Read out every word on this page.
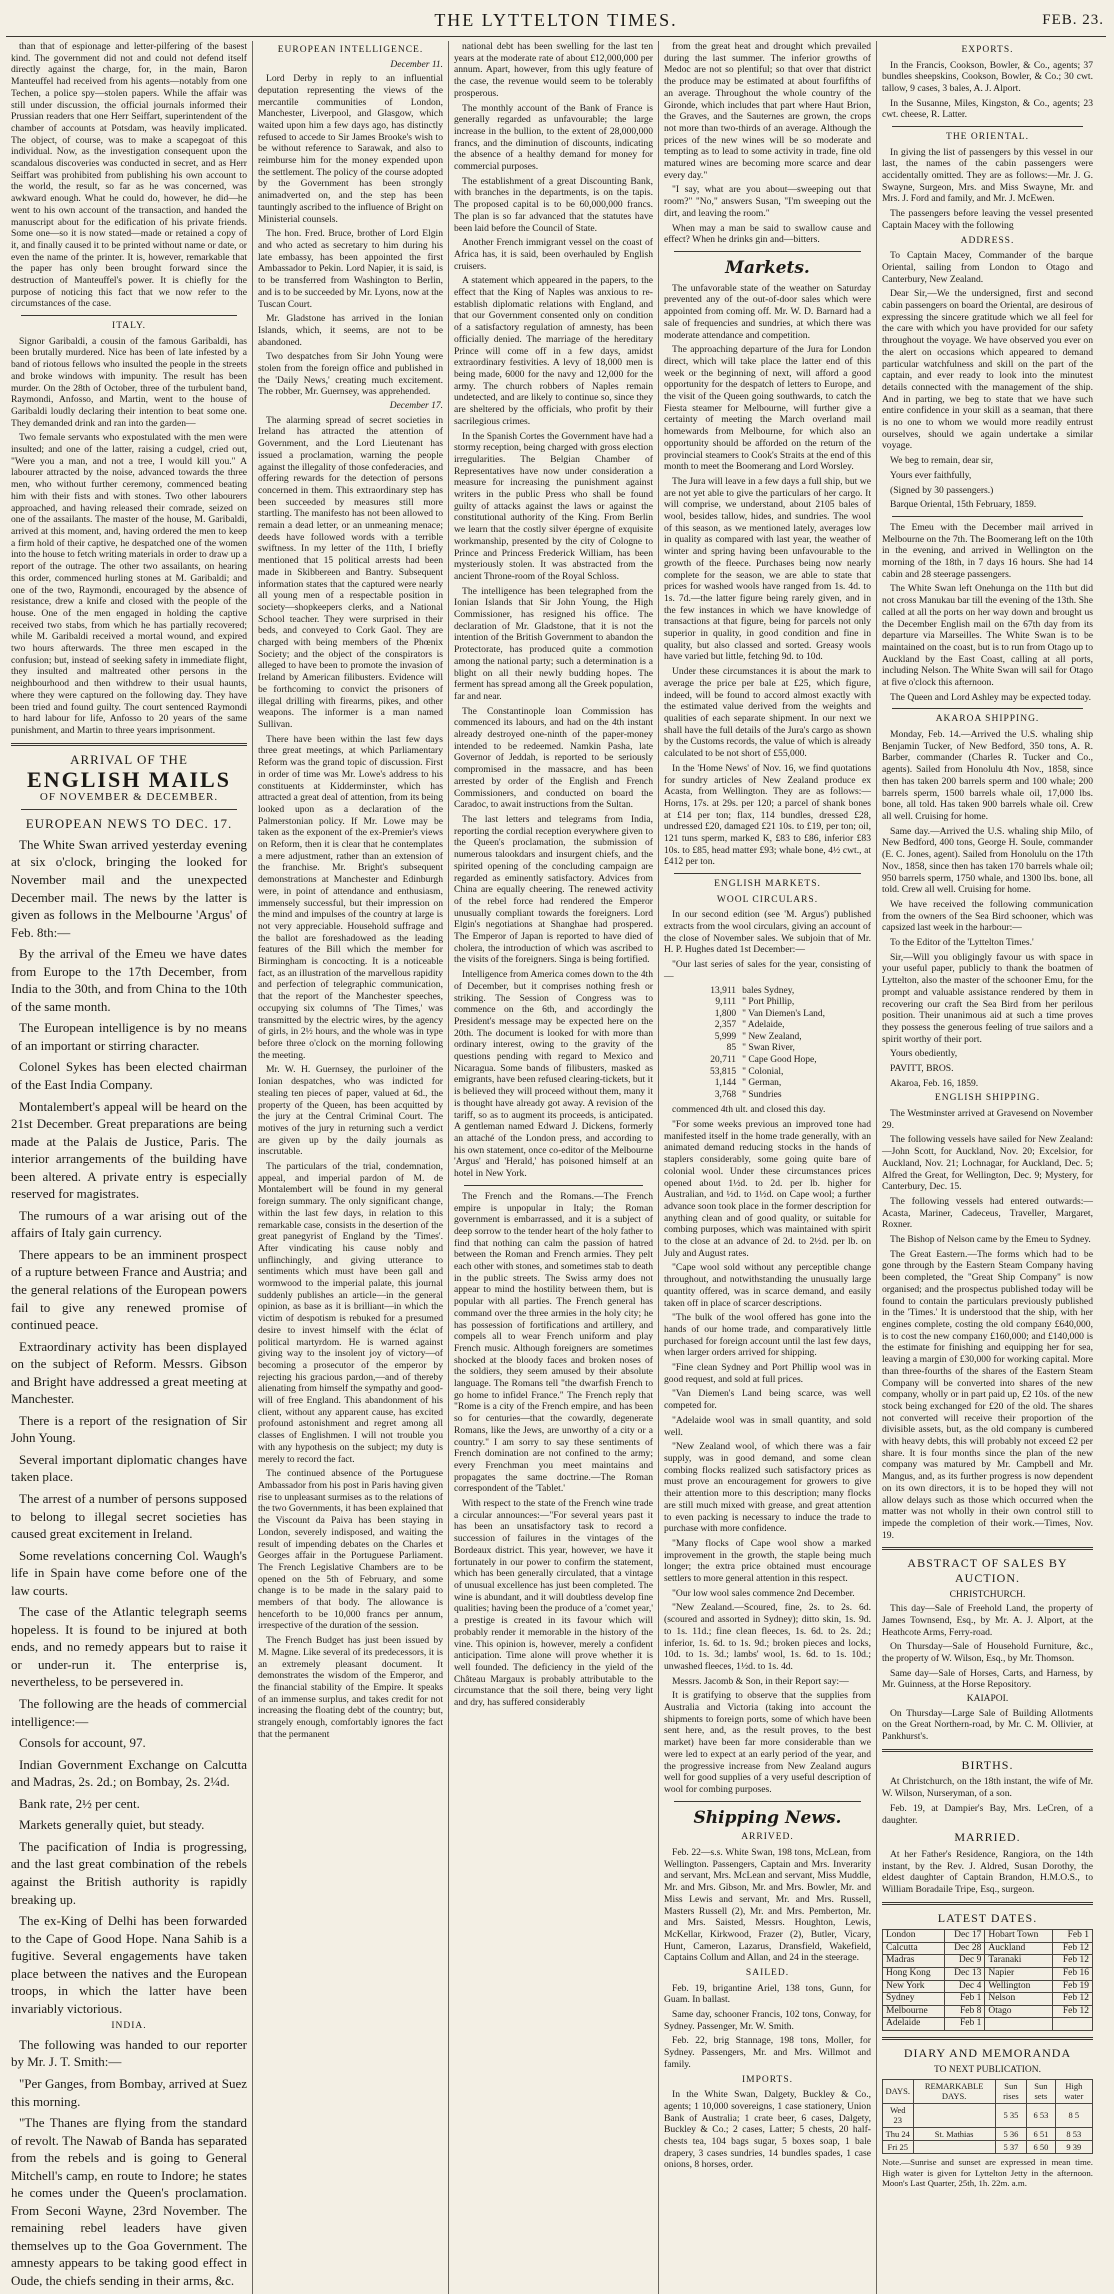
THE LYTTELTON TIMES.	FEB. 23.

than that of espionage and letter-pilfering of the basest kind. The government did not and could not defend itself directly against the charge, for, in the main, Baron Manteuffel had received from his agents—notably from one Techen, a police spy—stolen papers. While the affair was still under discussion, the official journals informed their Prussian readers that one Herr Seiffart, superintendent of the chamber of accounts at Potsdam, was heavily implicated. The object, of course, was to make a scapegoat of this individual. Now, as the investigation consequent upon the scandalous discoveries was conducted in secret, and as Herr Seiffart was prohibited from publishing his own account to the world, the result, so far as he was concerned, was awkward enough. What he could do, however, he did—he went to his own account of the transaction, and handed the manuscript about for the edification of his private friends. Some one—so it is now stated—made or retained a copy of it, and finally caused it to be printed without name or date, or even the name of the printer. It is, however, remarkable that the paper has only been brought forward since the destruction of Manteuffel's power. It is chiefly for the purpose of noticing this fact that we now refer to the circumstances of the case.

ITALY.

Signor Garibaldi, a cousin of the famous Garibaldi, has been brutally murdered. Nice has been of late infested by a band of riotous fellows who insulted the people in the streets and broke windows with impunity. The result has been murder. On the 28th of October, three of the turbulent band, Raymondi, Anfosso, and Martin, went to the house of Garibaldi loudly declaring their intention to beat some one. They demanded drink and ran into the garden—

Two female servants who expostulated with the men were insulted; and one of the latter, raising a cudgel, cried out, "Were you a man, and not a tree, I would kill you." A labourer attracted by the noise, advanced towards the three men, who without further ceremony, commenced beating him with their fists and with stones. Two other labourers approached, and having released their comrade, seized on one of the assailants. The master of the house, M. Garibaldi, arrived at this moment, and, having ordered the men to keep a firm hold of their captive, he despatched one of the women into the house to fetch writing materials in order to draw up a report of the outrage. The other two assailants, on hearing this order, commenced hurling stones at M. Garibaldi; and one of the two, Raymondi, encouraged by the absence of resistance, drew a knife and closed with the people of the house. One of the men engaged in holding the captive received two stabs, from which he has partially recovered; while M. Garibaldi received a mortal wound, and expired two hours afterwards. The three men escaped in the confusion; but, instead of seeking safety in immediate flight, they insulted and maltreated other persons in the neighbourhood and then withdrew to their usual haunts, where they were captured on the following day. They have been tried and found guilty. The court sentenced Raymondi to hard labour for life, Anfosso to 20 years of the same punishment, and Martin to three years imprisonment.

ARRIVAL OF THE
ENGLISH MAILS
OF NOVEMBER & DECEMBER.
EUROPEAN NEWS TO DEC. 17.

The White Swan arrived yesterday evening at six o'clock, bringing the looked for November mail and the unexpected December mail. The news by the latter is given as follows in the Melbourne 'Argus' of Feb. 8th:—

By the arrival of the Emeu we have dates from Europe to the 17th December, from India to the 30th, and from China to the 10th of the same month.

The European intelligence is by no means of an important or stirring character.

Colonel Sykes has been elected chairman of the East India Company.

Montalembert's appeal will be heard on the 21st December. Great preparations are being made at the Palais de Justice, Paris. The interior arrangements of the building have been altered. A private entry is especially reserved for magistrates.

The rumours of a war arising out of the affairs of Italy gain currency.

There appears to be an imminent prospect of a rupture between France and Austria; and the general relations of the European powers fail to give any renewed promise of continued peace.

Extraordinary activity has been displayed on the subject of Reform. Messrs. Gibson and Bright have addressed a great meeting at Manchester.

There is a report of the resignation of Sir John Young.

Several important diplomatic changes have taken place.

The arrest of a number of persons supposed to belong to illegal secret societies has caused great excitement in Ireland.

Some revelations concerning Col. Waugh's life in Spain have come before one of the law courts.

The case of the Atlantic telegraph seems hopeless. It is found to be injured at both ends, and no remedy appears but to raise it or under-run it. The enterprise is, nevertheless, to be persevered in.

The following are the heads of commercial intelligence:—

Consols for account, 97.

Indian Government Exchange on Calcutta and Madras, 2s. 2d.; on Bombay, 2s. 2¼d.

Bank rate, 2½ per cent.

Markets generally quiet, but steady.

The pacification of India is progressing, and the last great combination of the rebels against the British authority is rapidly breaking up.

The ex-King of Delhi has been forwarded to the Cape of Good Hope. Nana Sahib is a fugitive. Several engagements have taken place between the natives and the European troops, in which the latter have been invariably victorious.

INDIA.

The following was handed to our reporter by Mr. J. T. Smith:—

"Per Ganges, from Bombay, arrived at Suez this morning.

"The Thanes are flying from the standard of revolt. The Nawab of Banda has separated from the rebels and is going to General Mitchell's camp, en route to Indore; he states he comes under the Queen's proclamation. From Seconi Wayne, 23rd November. The remaining rebel leaders have given themselves up to the Goa Government. The amnesty appears to be taking good effect in Oude, the chiefs sending in their arms, &c.

EUROPEAN INTELLIGENCE.
December 11.

Lord Derby in reply to an influential deputation representing the views of the mercantile communities of London, Manchester, Liverpool, and Glasgow, which waited upon him a few days ago, has distinctly refused to accede to Sir James Brooke's wish to be without reference to Sarawak, and also to reimburse him for the money expended upon the settlement. The policy of the course adopted by the Government has been strongly animadverted on, and the step has been tauntingly ascribed to the influence of Bright on Ministerial counsels.

The hon. Fred. Bruce, brother of Lord Elgin and who acted as secretary to him during his late embassy, has been appointed the first Ambassador to Pekin. Lord Napier, it is said, is to be transferred from Washington to Berlin, and is to be succeeded by Mr. Lyons, now at the Tuscan Court.

Mr. Gladstone has arrived in the Ionian Islands, which, it seems, are not to be abandoned.

Two despatches from Sir John Young were stolen from the foreign office and published in the 'Daily News,' creating much excitement. The robber, Mr. Guernsey, was apprehended.

December 17.

The alarming spread of secret societies in Ireland has attracted the attention of Government, and the Lord Lieutenant has issued a proclamation, warning the people against the illegality of those confederacies, and offering rewards for the detection of persons concerned in them. This extraordinary step has been succeeded by measures still more startling. The manifesto has not been allowed to remain a dead letter, or an unmeaning menace; deeds have followed words with a terrible swiftness. In my letter of the 11th, I briefly mentioned that 15 political arrests had been made in Skibbereen and Bantry. Subsequent information states that the captured were nearly all young men of a respectable position in society—shopkeepers clerks, and a National School teacher. They were surprised in their beds, and conveyed to Cork Gaol. They are charged with being members of the Phœnix Society; and the object of the conspirators is alleged to have been to promote the invasion of Ireland by American filibusters. Evidence will be forthcoming to convict the prisoners of illegal drilling with firearms, pikes, and other weapons. The informer is a man named Sullivan.

There have been within the last few days three great meetings, at which Parliamentary Reform was the grand topic of discussion. First in order of time was Mr. Lowe's address to his constituents at Kidderminster, which has attracted a great deal of attention, from its being looked upon as a declaration of the Palmerstonian policy. If Mr. Lowe may be taken as the exponent of the ex-Premier's views on Reform, then it is clear that he contemplates a mere adjustment, rather than an extension of the franchise. Mr. Bright's subsequent demonstrations at Manchester and Edinburgh were, in point of attendance and enthusiasm, immensely successful, but their impression on the mind and impulses of the country at large is not very appreciable. Household suffrage and the ballot are foreshadowed as the leading features of the Bill which the member for Birmingham is concocting. It is a noticeable fact, as an illustration of the marvellous rapidity and perfection of telegraphic communication, that the report of the Manchester speeches, occupying six columns of 'The Times,' was transmitted by the electric wires, by the agency of girls, in 2½ hours, and the whole was in type before three o'clock on the morning following the meeting.

Mr. W. H. Guernsey, the purloiner of the Ionian despatches, who was indicted for stealing ten pieces of paper, valued at 6d., the property of the Queen, has been acquitted by the jury at the Central Criminal Court. The motives of the jury in returning such a verdict are given up by the daily journals as inscrutable.

The particulars of the trial, condemnation, appeal, and imperial pardon of M. de Montalembert will be found in my general foreign summary. The only significant change, within the last few days, in relation to this remarkable case, consists in the desertion of the great panegyrist of England by the 'Times'. After vindicating his cause nobly and unflinchingly, and giving utterance to sentiments which must have been gall and wormwood to the imperial palate, this journal suddenly publishes an article—in the general opinion, as base as it is brilliant—in which the victim of despotism is rebuked for a presumed desire to invest himself with the éclat of political martyrdom. He is warned against giving way to the insolent joy of victory—of becoming a prosecutor of the emperor by rejecting his gracious pardon,—and of thereby alienating from himself the sympathy and good-will of free England. This abandonment of his client, without any apparent cause, has excited profound astonishment and regret among all classes of Englishmen. I will not trouble you with any hypothesis on the subject; my duty is merely to record the fact.

The continued absence of the Portuguese Ambassador from his post in Paris having given rise to unpleasant surmises as to the relations of the two Governments, it has been explained that the Viscount da Paiva has been staying in London, severely indisposed, and waiting the result of impending debates on the Charles et Georges affair in the Portuguese Parliament. The French Legislative Chambers are to be opened on the 5th of February, and some change is to be made in the salary paid to members of that body. The allowance is henceforth to be 10,000 francs per annum, irrespective of the duration of the session.

The French Budget has just been issued by M. Magne. Like several of its predecessors, it is an extremely pleasant document. It demonstrates the wisdom of the Emperor, and the financial stability of the Empire. It speaks of an immense surplus, and takes credit for not increasing the floating debt of the country; but, strangely enough, comfortably ignores the fact that the permanent

national debt has been swelling for the last ten years at the moderate rate of about £12,000,000 per annum. Apart, however, from this ugly feature of the case, the revenue would seem to be tolerably prosperous.

The monthly account of the Bank of France is generally regarded as unfavourable; the large increase in the bullion, to the extent of 28,000,000 francs, and the diminution of discounts, indicating the absence of a healthy demand for money for commercial purposes.

The establishment of a great Discounting Bank, with branches in the departments, is on the tapis. The proposed capital is to be 60,000,000 francs. The plan is so far advanced that the statutes have been laid before the Council of State.

Another French immigrant vessel on the coast of Africa has, it is said, been overhauled by English cruisers.

A statement which appeared in the papers, to the effect that the King of Naples was anxious to re-establish diplomatic relations with England, and that our Government consented only on condition of a satisfactory regulation of amnesty, has been officially denied. The marriage of the hereditary Prince will come off in a few days, amidst extraordinary festivities. A levy of 18,000 men is being made, 6000 for the navy and 12,000 for the army. The church robbers of Naples remain undetected, and are likely to continue so, since they are sheltered by the officials, who profit by their sacrilegious crimes.

In the Spanish Cortes the Government have had a stormy reception, being charged with gross election irregularities. The Belgian Chamber of Representatives have now under consideration a measure for increasing the punishment against writers in the public Press who shall be found guilty of attacks against the laws or against the constitutional authority of the King. From Berlin we learn that the costly silver épergne of exquisite workmanship, presented by the city of Cologne to Prince and Princess Frederick William, has been mysteriously stolen. It was abstracted from the ancient Throne-room of the Royal Schloss.

The intelligence has been telegraphed from the Ionian Islands that Sir John Young, the High Commissioner, has resigned his office. The declaration of Mr. Gladstone, that it is not the intention of the British Government to abandon the Protectorate, has produced quite a commotion among the national party; such a determination is a blight on all their newly budding hopes. The ferment has spread among all the Greek population, far and near.

The Constantinople loan Commission has commenced its labours, and had on the 4th instant already destroyed one-ninth of the paper-money intended to be redeemed. Namkin Pasha, late Governor of Jeddah, is reported to be seriously compromised in the massacre, and has been arrested by order of the English and French Commissioners, and conducted on board the Caradoc, to await instructions from the Sultan.

The last letters and telegrams from India, reporting the cordial reception everywhere given to the Queen's proclamation, the submission of numerous talookdars and insurgent chiefs, and the spirited opening of the concluding campaign are regarded as eminently satisfactory. Advices from China are equally cheering. The renewed activity of the rebel force had rendered the Emperor unusually compliant towards the foreigners. Lord Elgin's negotiations at Shanghae had prospered. The Emperor of Japan is reported to have died of cholera, the introduction of which was ascribed to the visits of the foreigners. Singa is being fortified.

Intelligence from America comes down to the 4th of December, but it comprises nothing fresh or striking. The Session of Congress was to commence on the 6th, and accordingly the President's message may be expected here on the 20th. The document is looked for with more than ordinary interest, owing to the gravity of the questions pending with regard to Mexico and Nicaragua. Some bands of filibusters, masked as emigrants, have been refused clearing-tickets, but it is believed they will proceed without them, many it is thought have already got away. A revision of the tariff, so as to augment its proceeds, is anticipated. A gentleman named Edward J. Dickens, formerly an attaché of the London press, and according to his own statement, once co-editor of the Melbourne 'Argus' and 'Herald,' has poisoned himself at an hotel in New York.

The French and the Romans.—The French empire is unpopular in Italy; the Roman government is embarrassed, and it is a subject of deep sorrow to the tender heart of the holy father to find that nothing can calm the passion of hatred between the Roman and French armies. They pelt each other with stones, and sometimes stab to death in the public streets. The Swiss army does not appear to mind the hostility between them, but is popular with all parties. The French general has command over the three armies in the holy city; he has possession of fortifications and artillery, and compels all to wear French uniform and play French music. Although foreigners are sometimes shocked at the bloody faces and broken noses of the soldiers, they seem amused by their absolute language. The Romans tell "the dwarfish French to go home to infidel France." The French reply that "Rome is a city of the French empire, and has been so for centuries—that the cowardly, degenerate Romans, like the Jews, are unworthy of a city or a country." I am sorry to say these sentiments of French domination are not confined to the army; every Frenchman you meet maintains and propagates the same doctrine.—The Roman correspondent of the 'Tablet.'

With respect to the state of the French wine trade a circular announces:—"For several years past it has been an unsatisfactory task to record a succession of failures in the vintages of the Bordeaux district. This year, however, we have it fortunately in our power to confirm the statement, which has been generally circulated, that a vintage of unusual excellence has just been completed. The wine is abundant, and it will doubtless develop fine qualities; having been the produce of a 'comet year,' a prestige is created in its favour which will probably render it memorable in the history of the vine. This opinion is, however, merely a confident anticipation. Time alone will prove whether it is well founded. The deficiency in the yield of the Château Margaux is probably attributable to the circumstance that the soil there, being very light and dry, has suffered considerably

from the great heat and drought which prevailed during the last summer. The inferior growths of Medoc are not so plentiful; so that over that district the produce may be estimated at about fourfifths of an average. Throughout the whole country of the Gironde, which includes that part where Haut Brion, the Graves, and the Sauternes are grown, the crops not more than two-thirds of an average. Although the prices of the new wines will be so moderate and tempting as to lead to some activity in trade, fine old matured wines are becoming more scarce and dear every day."

"I say, what are you about—sweeping out that room?" "No," answers Susan, "I'm sweeping out the dirt, and leaving the room."

When may a man be said to swallow cause and effect? When he drinks gin and—bitters.

Markets.

The unfavorable state of the weather on Saturday prevented any of the out-of-door sales which were appointed from coming off. Mr. W. D. Barnard had a sale of frequencies and sundries, at which there was moderate attendance and competition.

The approaching departure of the Jura for London direct, which will take place the latter end of this week or the beginning of next, will afford a good opportunity for the despatch of letters to Europe, and the visit of the Queen going southwards, to catch the Fiesta steamer for Melbourne, will further give a certainty of meeting the March overland mail homewards from Melbourne, for which also an opportunity should be afforded on the return of the provincial steamers to Cook's Straits at the end of this month to meet the Boomerang and Lord Worsley.

The Jura will leave in a few days a full ship, but we are not yet able to give the particulars of her cargo. It will comprise, we understand, about 2105 bales of wool, besides tallow, hides, and sundries. The wool of this season, as we mentioned lately, averages low in quality as compared with last year, the weather of winter and spring having been unfavourable to the growth of the fleece. Purchases being now nearly complete for the season, we are able to state that prices for washed wools have ranged from 1s. 4d. to 1s. 7d.—the latter figure being rarely given, and in the few instances in which we have knowledge of transactions at that figure, being for parcels not only superior in quality, in good condition and fine in quality, but also classed and sorted. Greasy wools have varied but little, fetching 9d. to 10d.

Under these circumstances it is about the mark to average the price per bale at £25, which figure, indeed, will be found to accord almost exactly with the estimated value derived from the weights and qualities of each separate shipment. In our next we shall have the full details of the Jura's cargo as shown by the Customs records, the value of which is already calculated to be not short of £55,000.

In the 'Home News' of Nov. 16, we find quotations for sundry articles of New Zealand produce ex Acasta, from Wellington. They are as follows:—Horns, 17s. at 29s. per 120; a parcel of shank bones at £14 per ton; flax, 114 bundles, dressed £28, undressed £20, damaged £21 10s. to £19, per ton; oil, 121 tuns sperm, marked K, £83 to £86, inferior £83 10s. to £85, head matter £93; whale bone, 4½ cwt., at £412 per ton.

ENGLISH MARKETS.
WOOL CIRCULARS.

In our second edition (see 'M. Argus') published extracts from the wool circulars, giving an account of the close of November sales. We subjoin that of Mr. H. P. Hughes dated 1st December:—

"Our last series of sales for the year, consisting of—

13,911	bales Sydney,
9,111	" Port Phillip,
1,800	" Van Diemen's Land,
2,357	" Adelaide,
5,999	" New Zealand,
85	" Swan River,
20,711	" Cape Good Hope,
53,815	" Colonial,
1,144	" German,
3,768	" Sundries

commenced 4th ult. and closed this day.

"For some weeks previous an improved tone had manifested itself in the home trade generally, with an animated demand reducing stocks in the hands of staplers considerably, some going quite bare of colonial wool. Under these circumstances prices opened about 1½d. to 2d. per lb. higher for Australian, and ½d. to 1½d. on Cape wool; a further advance soon took place in the former description for anything clean and of good quality, or suitable for combing purposes, which was maintained with spirit to the close at an advance of 2d. to 2½d. per lb. on July and August rates.

"Cape wool sold without any perceptible change throughout, and notwithstanding the unusually large quantity offered, was in scarce demand, and easily taken off in place of scarcer descriptions.

"The bulk of the wool offered has gone into the hands of our home trade, and comparatively little purchased for foreign account until the last few days, when larger orders arrived for shipping.

"Fine clean Sydney and Port Phillip wool was in good request, and sold at full prices.

"Van Diemen's Land being scarce, was well competed for.

"Adelaide wool was in small quantity, and sold well.

"New Zealand wool, of which there was a fair supply, was in good demand, and some clean combing flocks realized such satisfactory prices as must prove an encouragement for growers to give their attention more to this description; many flocks are still much mixed with grease, and great attention to even packing is necessary to induce the trade to purchase with more confidence.

"Many flocks of Cape wool show a marked improvement in the growth, the staple being much longer; the extra price obtained must encourage settlers to more general attention in this respect.

"Our low wool sales commence 2nd December.

"New Zealand.—Scoured, fine, 2s. to 2s. 6d. (scoured and assorted in Sydney); ditto skin, 1s. 9d. to 1s. 11d.; fine clean fleeces, 1s. 6d. to 2s. 2d.; inferior, 1s. 6d. to 1s. 9d.; broken pieces and locks, 10d. to 1s. 3d.; lambs' wool, 1s. 6d. to 1s. 10d.; unwashed fleeces, 1½d. to 1s. 4d.

Messrs. Jacomb & Son, in their Report say:—

It is gratifying to observe that the supplies from Australia and Victoria (taking into account the shipments to foreign ports, some of which have been sent here, and, as the result proves, to the best market) have been far more considerable than we were led to expect at an early period of the year, and the progressive increase from New Zealand augurs well for good supplies of a very useful description of wool for combing purposes.

Shipping News.
ARRIVED.

Feb. 22—s.s. White Swan, 198 tons, McLean, from Wellington. Passengers, Captain and Mrs. Inverarity and servant, Mrs. McLean and servant, Miss Muddle, Mr. and Mrs. Gibson, Mr. and Mrs. Bowler, Mr. and Miss Lewis and servant, Mr. and Mrs. Russell, Masters Russell (2), Mr. and Mrs. Pemberton, Mr. and Mrs. Saisted, Messrs. Houghton, Lewis, McKellar, Kirkwood, Frazer (2), Butler, Vicary, Hunt, Cameron, Lazarus, Dransfield, Wakefield, Captains Collum and Allan, and 24 in the steerage.

SAILED.

Feb. 19, brigantine Ariel, 138 tons, Gunn, for Guam. In ballast.

Same day, schooner Francis, 102 tons, Conway, for Sydney. Passenger, Mr. W. Smith.

Feb. 22, brig Stannage, 198 tons, Moller, for Sydney. Passengers, Mr. and Mrs. Willmot and family.

IMPORTS.

In the White Swan, Dalgety, Buckley & Co., agents; 1 10,000 sovereigns, 1 case stationery, Union Bank of Australia; 1 crate beer, 6 cases, Dalgety, Buckley & Co.; 2 cases, Latter; 5 chests, 20 half-chests tea, 104 bags sugar, 5 boxes soap, 1 bale drapery, 3 cases sundries, 14 bundles spades, 1 case onions, 8 horses, order.

EXPORTS.

In the Francis, Cookson, Bowler, & Co., agents; 37 bundles sheepskins, Cookson, Bowler, & Co.; 30 cwt. tallow, 9 cases, 3 bales, A. J. Alport.

In the Susanne, Miles, Kingston, & Co., agents; 23 cwt. cheese, R. Latter.

THE ORIENTAL.

In giving the list of passengers by this vessel in our last, the names of the cabin passengers were accidentally omitted. They are as follows:—Mr. J. G. Swayne, Surgeon, Mrs. and Miss Swayne, Mr. and Mrs. J. Ford and family, and Mr. J. McEwen.

The passengers before leaving the vessel presented Captain Macey with the following

ADDRESS.

To Captain Macey, Commander of the barque Oriental, sailing from London to Otago and Canterbury, New Zealand.

Dear Sir,—We the undersigned, first and second cabin passengers on board the Oriental, are desirous of expressing the sincere gratitude which we all feel for the care with which you have provided for our safety throughout the voyage. We have observed you ever on the alert on occasions which appeared to demand particular watchfulness and skill on the part of the captain, and ever ready to look into the minutest details connected with the management of the ship. And in parting, we beg to state that we have such entire confidence in your skill as a seaman, that there is no one to whom we would more readily entrust ourselves, should we again undertake a similar voyage.

We beg to remain, dear sir,

Yours ever faithfully,

(Signed by 30 passengers.)

Barque Oriental, 15th February, 1859.

The Emeu with the December mail arrived in Melbourne on the 7th. The Boomerang left on the 10th in the evening, and arrived in Wellington on the morning of the 18th, in 7 days 16 hours. She had 14 cabin and 28 steerage passengers.

The White Swan left Onehunga on the 11th but did not cross Manukau bar till the evening of the 13th. She called at all the ports on her way down and brought us the December English mail on the 67th day from its departure via Marseilles. The White Swan is to be maintained on the coast, but is to run from Otago up to Auckland by the East Coast, calling at all ports, including Nelson. The White Swan will sail for Otago at five o'clock this afternoon.

The Queen and Lord Ashley may be expected today.

AKAROA SHIPPING.

Monday, Feb. 14.—Arrived the U.S. whaling ship Benjamin Tucker, of New Bedford, 350 tons, A. R. Barber, commander (Charles R. Tucker and Co., agents). Sailed from Honolulu 4th Nov., 1858, since then has taken 200 barrels sperm and 100 whale; 200 barrels sperm, 1500 barrels whale oil, 17,000 lbs. bone, all told. Has taken 900 barrels whale oil. Crew all well. Cruising for home.

Same day.—Arrived the U.S. whaling ship Milo, of New Bedford, 400 tons, George H. Soule, commander (E. C. Jones, agent). Sailed from Honolulu on the 17th Nov., 1858, since then has taken 170 barrels whale oil; 950 barrels sperm, 1750 whale, and 1300 lbs. bone, all told. Crew all well. Cruising for home.

We have received the following communication from the owners of the Sea Bird schooner, which was capsized last week in the harbour:—

To the Editor of the 'Lyttelton Times.'

Sir,—Will you obligingly favour us with space in your useful paper, publicly to thank the boatmen of Lyttelton, also the master of the schooner Emu, for the prompt and valuable assistance rendered by them in recovering our craft the Sea Bird from her perilous position. Their unanimous aid at such a time proves they possess the generous feeling of true sailors and a spirit worthy of their port.

Yours obediently,

PAVITT, BROS.

Akaroa, Feb. 16, 1859.

ENGLISH SHIPPING.

The Westminster arrived at Gravesend on November 29.

The following vessels have sailed for New Zealand:—John Scott, for Auckland, Nov. 20; Excelsior, for Auckland, Nov. 21; Lochnagar, for Auckland, Dec. 5; Alfred the Great, for Wellington, Dec. 9; Mystery, for Canterbury, Dec. 15.

The following vessels had entered outwards:—Acasta, Mariner, Cadeceus, Traveller, Margaret, Roxner.

The Bishop of Nelson came by the Emeu to Sydney.

The Great Eastern.—The forms which had to be gone through by the Eastern Steam Company having been completed, the "Great Ship Company" is now organised; and the prospectus published today will be found to contain the particulars previously published in the 'Times.' It is understood that the ship, with her engines complete, costing the old company £640,000, is to cost the new company £160,000; and £140,000 is the estimate for finishing and equipping her for sea, leaving a margin of £30,000 for working capital. More than three-fourths of the shares of the Eastern Steam Company will be converted into shares of the new company, wholly or in part paid up, £2 10s. of the new stock being exchanged for £20 of the old. The shares not converted will receive their proportion of the divisible assets, but, as the old company is cumbered with heavy debts, this will probably not exceed £2 per share. It is four months since the plan of the new company was matured by Mr. Campbell and Mr. Mangus, and, as its further progress is now dependent on its own directors, it is to be hoped they will not allow delays such as those which occurred when the matter was not wholly in their own control still to impede the completion of their work.—Times, Nov. 19.

ABSTRACT OF SALES BY AUCTION.
CHRISTCHURCH.

This day—Sale of Freehold Land, the property of James Townsend, Esq., by Mr. A. J. Alport, at the Heathcote Arms, Ferry-road.

On Thursday—Sale of Household Furniture, &c., the property of W. Wilson, Esq., by Mr. Thomson.

Same day—Sale of Horses, Carts, and Harness, by Mr. Guinness, at the Horse Repository.

KAIAPOI.

On Thursday—Large Sale of Building Allotments on the Great Northern-road, by Mr. C. M. Ollivier, at Pankhurst's.

BIRTHS.

At Christchurch, on the 18th instant, the wife of Mr. W. Wilson, Nurseryman, of a son.

Feb. 19, at Dampier's Bay, Mrs. LeCren, of a daughter.

MARRIED.

At her Father's Residence, Rangiora, on the 14th instant, by the Rev. J. Aldred, Susan Dorothy, the eldest daughter of Captain Brandon, H.M.O.S., to William Boradaile Tripe, Esq., surgeon.

LATEST DATES.
London	Dec 17	Hobart Town	Feb 1
Calcutta	Dec 28	Auckland	Feb 12
Madras	Dec 9	Taranaki	Feb 12
Hong Kong	Dec 13	Napier	Feb 16
New York	Dec 4	Wellington	Feb 19
Sydney	Feb 1	Nelson	Feb 12
Melbourne	Feb 8	Otago	Feb 12
Adelaide	Feb 1		
DIARY AND MEMORANDA
TO NEXT PUBLICATION.
DAYS.	REMARKABLE DAYS.	Sun rises	Sun sets	High water
Wed 23		5 35	6 53	8 5
Thu 24	St. Mathias	5 36	6 51	8 53
Fri 25		5 37	6 50	9 39
Note.—Sunrise and sunset are expressed in mean time. High water is given for Lyttelton Jetty in the afternoon. Moon's Last Quarter, 25th, 1h. 22m. a.m.
